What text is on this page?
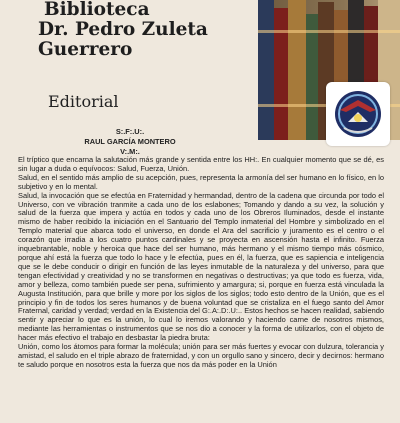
Biblioteca
Dr. Pedro Zuleta
Guerrero
Editorial
S:.F:.U:.
RAUL GARCÍA MONTERO
V:.M:.

El tríptico que encarna la salutación más grande y sentida entre los HH:. En cualquier momento que se dé, es sin lugar a duda o equívocos: Salud, Fuerza, Unión.

Salud, en el sentido más amplio de su acepción, pues, representa la armonía del ser humano en lo físico, en lo subjetivo y en lo mental.

Salud, la invocación que se efectúa en Fraternidad y hermandad, dentro de la cadena que circunda por todo el Universo, con ve vibración tranmite a cada uno de los eslabones; Tomando y dando a su vez, la solución y salud de la fuerza que impera y actúa en todos y cada uno de los Obreros Iluminados, desde el instante mismo de haber recibido la iniciación en el Santuario del Templo inmaterial del Hombre y simbolizado en el Templo material que abarca todo el universo, en donde el Ara del sacrificio y juramento es el centro o el corazón que irradia a los cuatro puntos cardinales y se proyecta en ascensión hasta el infinito. Fuerza inquebrantable, noble y heroica que hace del ser humano, más hermano y el mismo tiempo más cósmico, porque ahí está la fuerza que todo lo hace y le efectúa, pues en él, la fuerza, que es sapiencia e inteligencia que se le debe conducir o dirigir en función de las leyes inmutable de la naturaleza y del universo, para que tengan efectividad y creatividad y no se transformen en negativas o destructivas; ya que todo es fuerza, vida, amor y belleza, como también puede ser pena, sufrimiento y amargura; si, porque en fuerza está vinculada la Augusta Institución, para que brille y more por los siglos de los siglos; todo esto dentro de la Unión, que es el principio y fin de todos los seres humanos y de buena voluntad que se cristaliza en el fuego santo del Amor Fraternal, caridad y verdad; verdad en la Existencia del G:.A:.D:.U:.. Estos hechos se hacen realidad, sabiendo sentir y apreciar lo que es la unión, lo cual lo iremos valorando y haciendo carne de nosotros mismos, mediante las herramientas o instrumentos que se nos dio a conocer y la forma de utilizarlos, con el objeto de hacer más efectivo el trabajo en desbastar la piedra bruta:

Unión, como los átomos para formar la molécula; unión para ser más fuertes y evocar con dulzura, tolerancia y amistad, el saludo en el triple abrazo de fraternidad, y con un orgullo sano y sincero, decir y decirnos: hermano te saludo porque en nosotros esta la fuerza que nos da más poder en la Unión
